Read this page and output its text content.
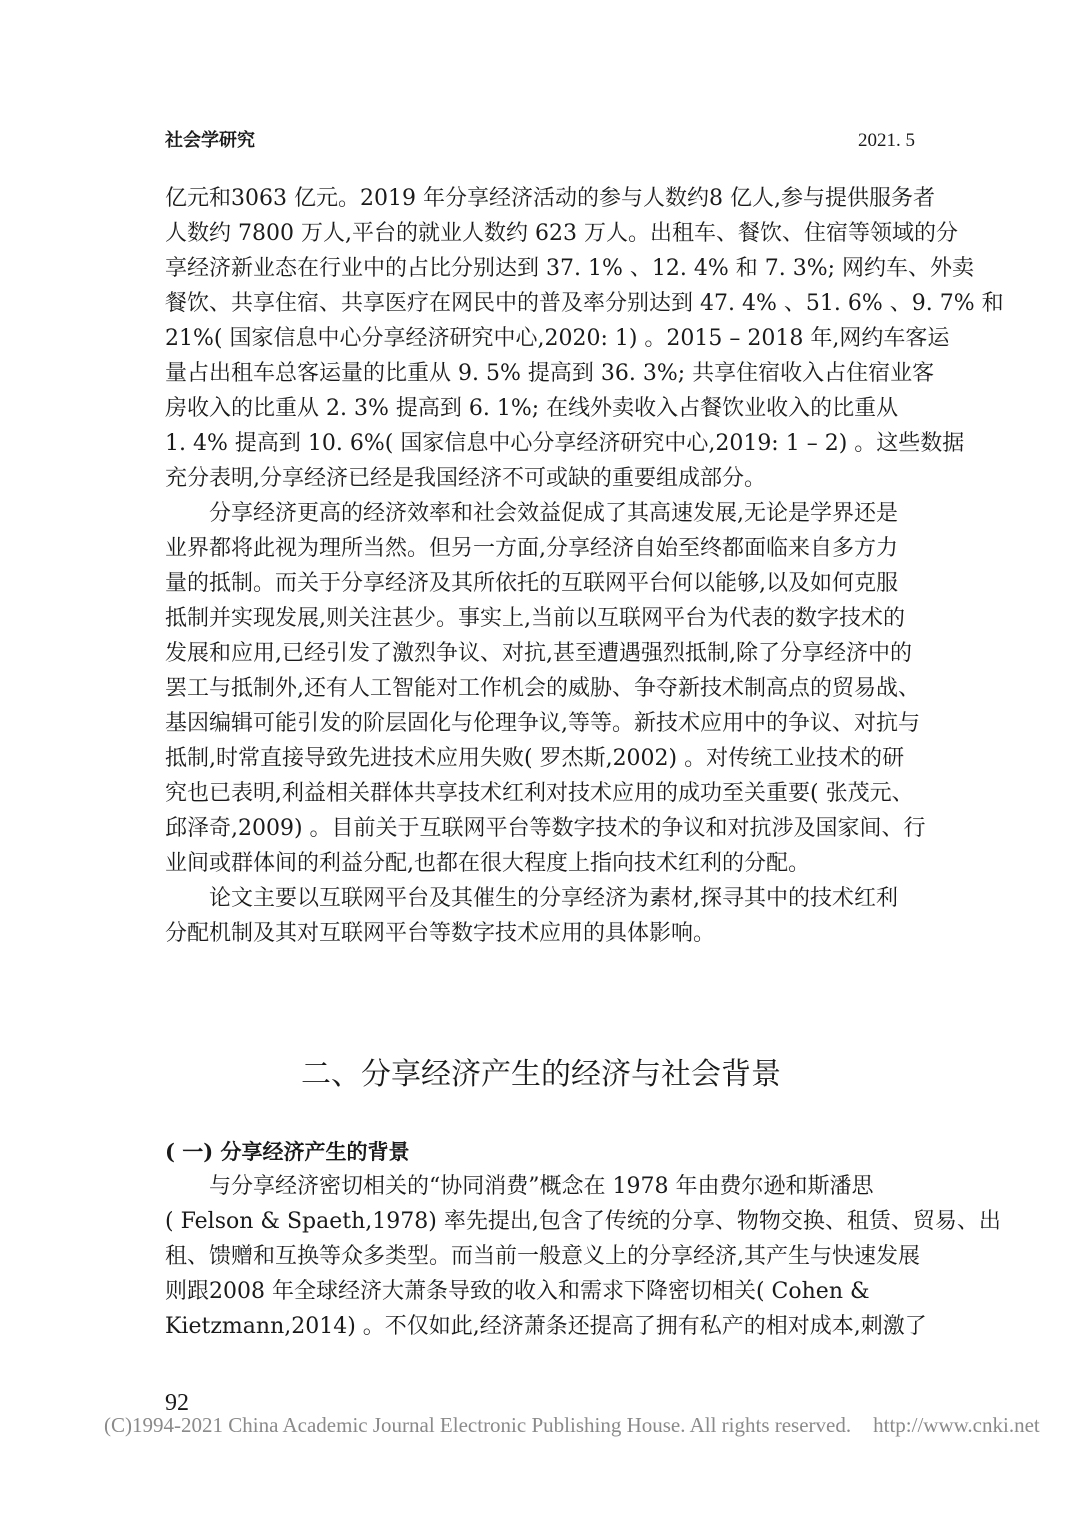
社会学研究	2021. 5

亿元和3063 亿元。2019 年分享经济活动的参与人数约8 亿人,参与提供服务者
人数约 7800 万人,平台的就业人数约 623 万人。出租车、餐饮、住宿等领域的分
享经济新业态在行业中的占比分别达到 37. 1% 、12. 4% 和 7. 3%; 网约车、外卖
餐饮、共享住宿、共享医疗在网民中的普及率分别达到 47. 4% 、51. 6% 、9. 7% 和
21%( 国家信息中心分享经济研究中心,2020: 1) 。2015 – 2018 年,网约车客运
量占出租车总客运量的比重从 9. 5% 提高到 36. 3%; 共享住宿收入占住宿业客
房收入的比重从 2. 3% 提高到 6. 1%; 在线外卖收入占餐饮业收入的比重从
1. 4% 提高到 10. 6%( 国家信息中心分享经济研究中心,2019: 1 – 2) 。这些数据
充分表明,分享经济已经是我国经济不可或缺的重要组成部分。

分享经济更高的经济效率和社会效益促成了其高速发展,无论是学界还是
业界都将此视为理所当然。但另一方面,分享经济自始至终都面临来自多方力
量的抵制。而关于分享经济及其所依托的互联网平台何以能够,以及如何克服
抵制并实现发展,则关注甚少。事实上,当前以互联网平台为代表的数字技术的
发展和应用,已经引发了激烈争议、对抗,甚至遭遇强烈抵制,除了分享经济中的
罢工与抵制外,还有人工智能对工作机会的威胁、争夺新技术制高点的贸易战、
基因编辑可能引发的阶层固化与伦理争议,等等。新技术应用中的争议、对抗与
抵制,时常直接导致先进技术应用失败( 罗杰斯,2002) 。对传统工业技术的研
究也已表明,利益相关群体共享技术红利对技术应用的成功至关重要( 张茂元、
邱泽奇,2009) 。目前关于互联网平台等数字技术的争议和对抗涉及国家间、行
业间或群体间的利益分配,也都在很大程度上指向技术红利的分配。

论文主要以互联网平台及其催生的分享经济为素材,探寻其中的技术红利
分配机制及其对互联网平台等数字技术应用的具体影响。

二、分享经济产生的经济与社会背景
( 一) 分享经济产生的背景

与分享经济密切相关的“协同消费”概念在 1978 年由费尔逊和斯潘思
( Felson & Spaeth,1978) 率先提出,包含了传统的分享、物物交换、租赁、贸易、出
租、馈赠和互换等众多类型。而当前一般意义上的分享经济,其产生与快速发展
则跟2008 年全球经济大萧条导致的收入和需求下降密切相关( Cohen &
Kietzmann,2014) 。不仅如此,经济萧条还提高了拥有私产的相对成本,刺激了

92
(C)1994-2021 China Academic Journal Electronic Publishing House. All rights reserved. http://www.cnki.net
